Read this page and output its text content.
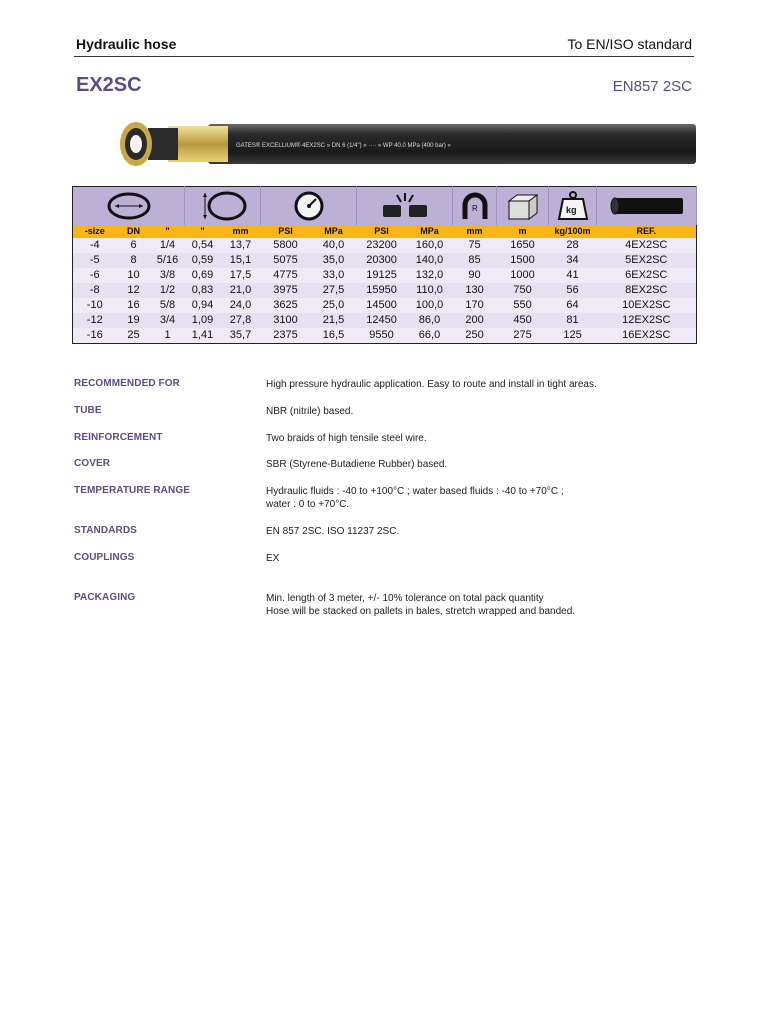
Hydraulic hose	To EN/ISO standard
EX2SC	EN857 2SC
GATES® EXCELLIUM® 4EX2SC » DN 6 (1/4") » ···· » WP 40.0 MPa (400 bar) »

R		kg

-size	DN	"	"	mm	PSI	MPa	PSI	MPa	mm	m	kg/100m	REF.
-4	6	1/4	0,54	13,7	5800	40,0	23200	160,0	75	1650	28	4EX2SC
-5	8	5/16	0,59	15,1	5075	35,0	20300	140,0	85	1500	34	5EX2SC
-6	10	3/8	0,69	17,5	4775	33,0	19125	132,0	90	1000	41	6EX2SC
-8	12	1/2	0,83	21,0	3975	27,5	15950	110,0	130	750	56	8EX2SC
-10	16	5/8	0,94	24,0	3625	25,0	14500	100,0	170	550	64	10EX2SC
-12	19	3/4	1,09	27,8	3100	21,5	12450	86,0	200	450	81	12EX2SC
-16	25	1	1,41	35,7	2375	16,5	9550	66,0	250	275	125	16EX2SC
RECOMMENDED FOR	High pressure hydraulic application. Easy to route and install in tight areas.
TUBE	NBR (nitrile) based.
REINFORCEMENT	Two braids of high tensile steel wire.
COVER	SBR (Styrene-Butadiene Rubber) based.
TEMPERATURE RANGE	Hydraulic fluids : -40 to +100°C ; water based fluids : -40 to +70°C ;
water : 0 to +70°C.
STANDARDS	EN 857 2SC. ISO 11237 2SC.
COUPLINGS	EX
PACKAGING	Min. length of 3 meter, +/- 10% tolerance on total pack quantity
Hose will be stacked on pallets in bales, stretch wrapped and banded.
